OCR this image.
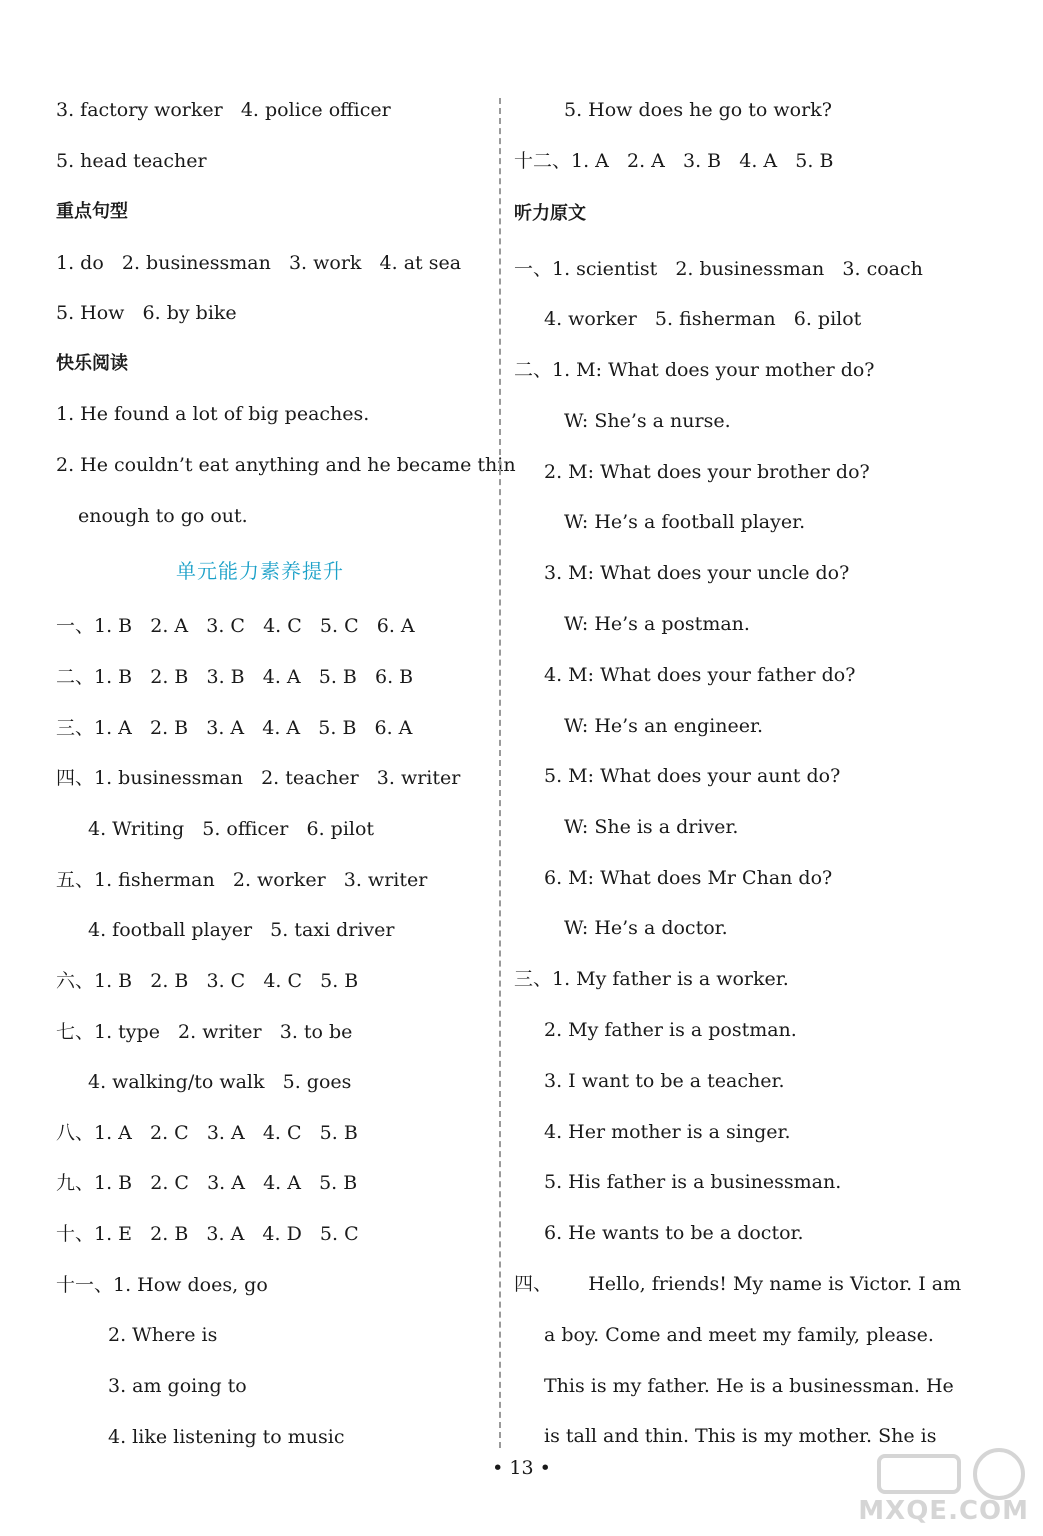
3. factory worker   4. police officer
5. head teacher
重点句型
1. do   2. businessman   3. work   4. at sea
5. How   6. by bike
快乐阅读
1. He found a lot of big peaches.
2. He couldn’t eat anything and he became thin
enough to go out.
单元能力素养提升
一、1. B   2. A   3. C   4. C   5. C   6. A
二、1. B   2. B   3. B   4. A   5. B   6. B
三、1. A   2. B   3. A   4. A   5. B   6. A
四、1. businessman   2. teacher   3. writer
4. Writing   5. officer   6. pilot
五、1. fisherman   2. worker   3. writer
4. football player   5. taxi driver
六、1. B   2. B   3. C   4. C   5. B
七、1. type   2. writer   3. to be
4. walking/to walk   5. goes
八、1. A   2. C   3. A   4. C   5. B
九、1. B   2. C   3. A   4. A   5. B
十、1. E   2. B   3. A   4. D   5. C
十一、1. How does, go
2. Where is
3. am going to
4. like listening to music
5. How does he go to work?
十二、1. A   2. A   3. B   4. A   5. B
听力原文
一、1. scientist   2. businessman   3. coach
4. worker   5. fisherman   6. pilot
二、1. M: What does your mother do?
W: She’s a nurse.
2. M: What does your brother do?
W: He’s a football player.
3. M: What does your uncle do?
W: He’s a postman.
4. M: What does your father do?
W: He’s an engineer.
5. M: What does your aunt do?
W: She is a driver.
6. M: What does Mr Chan do?
W: He’s a doctor.
三、1. My father is a worker.
2. My father is a postman.
3. I want to be a teacher.
4. Her mother is a singer.
5. His father is a businessman.
6. He wants to be a doctor.
四、      Hello, friends! My name is Victor. I am
a boy. Come and meet my family, please.
This is my father. He is a businessman. He
is tall and thin. This is my mother. She is
• 13 •
MXQE.COM
